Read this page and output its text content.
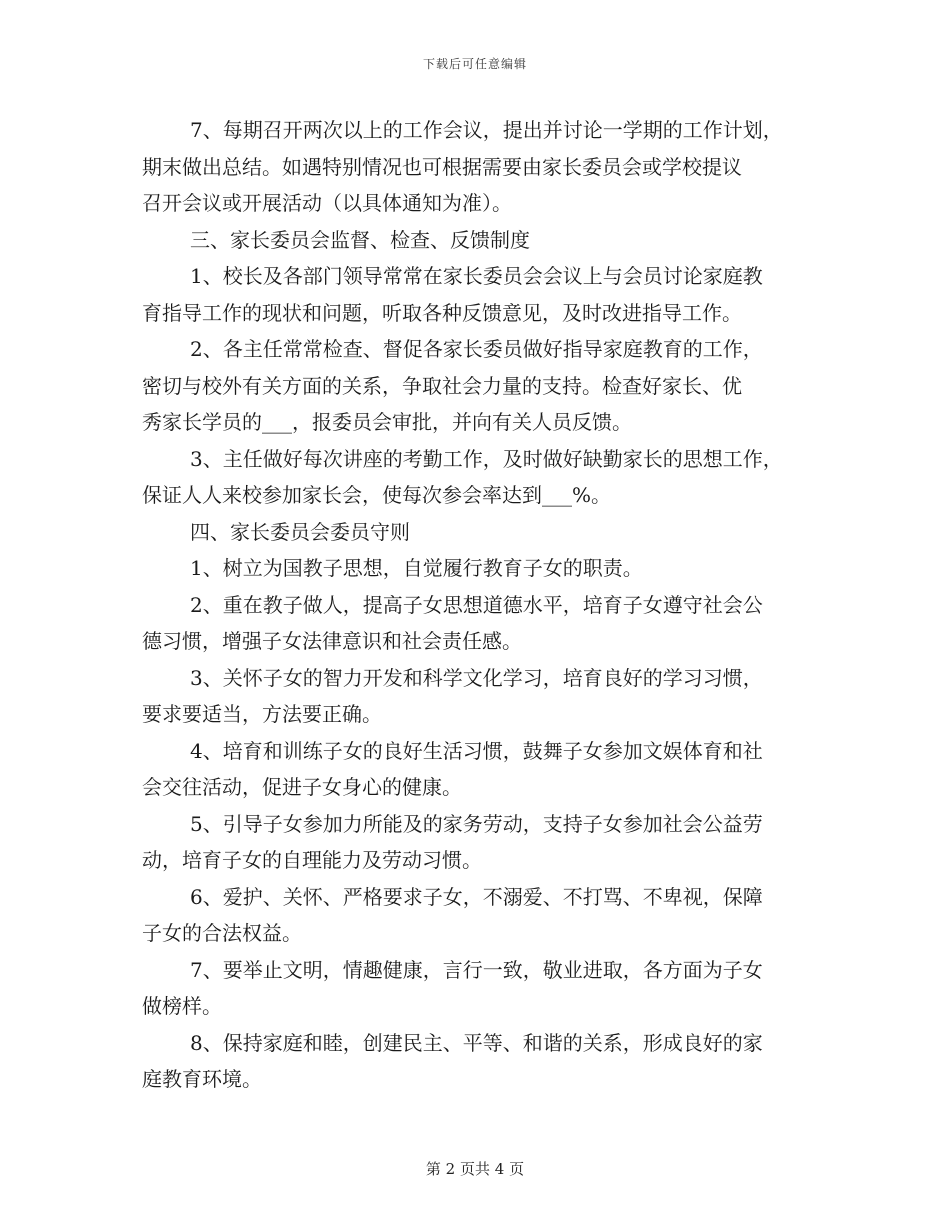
下载后可任意编辑

7、每期召开两次以上的工作会议，提出并讨论一学期的工作计划，
期末做出总结。如遇特别情况也可根据需要由家长委员会或学校提议
召开会议或开展活动（以具体通知为准）。

三、家长委员会监督、检查、反馈制度

1、校长及各部门领导常常在家长委员会会议上与会员讨论家庭教
育指导工作的现状和问题，听取各种反馈意见，及时改进指导工作。

2、各主任常常检查、督促各家长委员做好指导家庭教育的工作，
密切与校外有关方面的关系，争取社会力量的支持。检查好家长、优
秀家长学员的___，报委员会审批，并向有关人员反馈。

3、主任做好每次讲座的考勤工作，及时做好缺勤家长的思想工作，
保证人人来校参加家长会，使每次参会率达到___%。

四、家长委员会委员守则

1、树立为国教子思想，自觉履行教育子女的职责。

2、重在教子做人，提高子女思想道德水平，培育子女遵守社会公
德习惯，增强子女法律意识和社会责任感。

3、关怀子女的智力开发和科学文化学习，培育良好的学习习惯，
要求要适当，方法要正确。

4、培育和训练子女的良好生活习惯，鼓舞子女参加文娱体育和社
会交往活动，促进子女身心的健康。

5、引导子女参加力所能及的家务劳动，支持子女参加社会公益劳
动，培育子女的自理能力及劳动习惯。

6、爱护、关怀、严格要求子女，不溺爱、不打骂、不卑视，保障
子女的合法权益。

7、要举止文明，情趣健康，言行一致，敬业进取，各方面为子女
做榜样。

8、保持家庭和睦，创建民主、平等、和谐的关系，形成良好的家
庭教育环境。

第 2 页共 4 页
